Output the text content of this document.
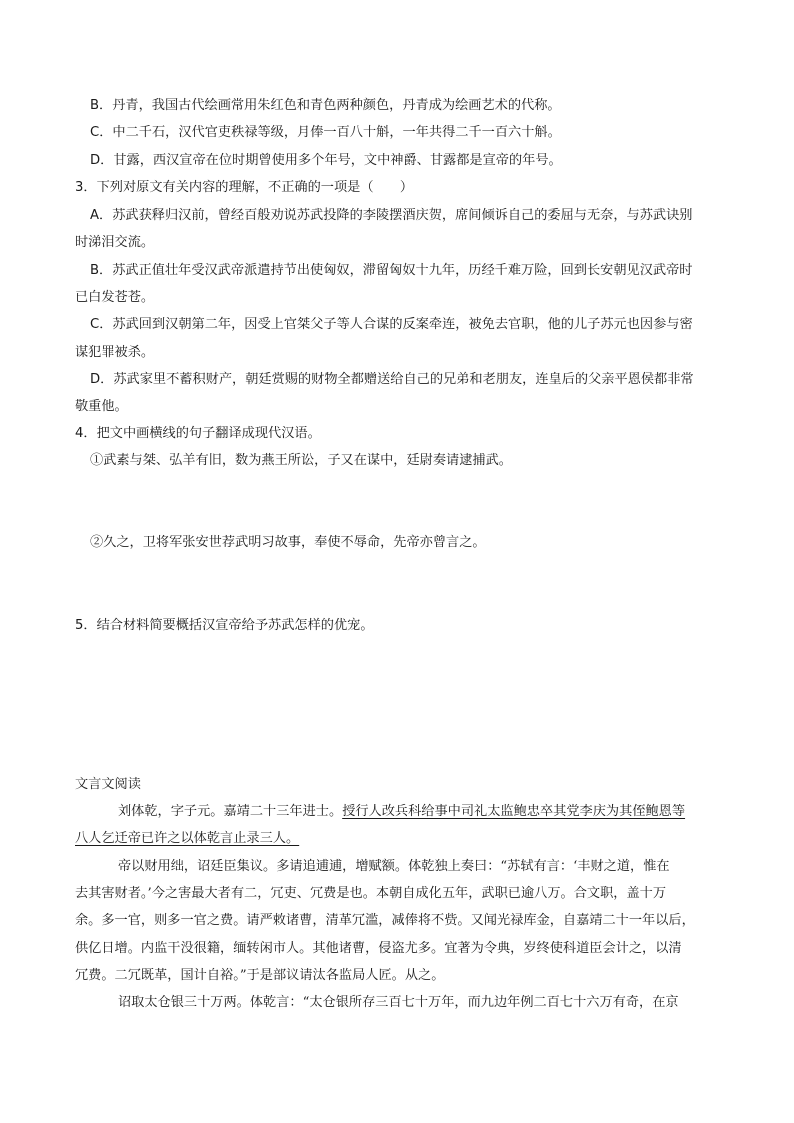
B．丹青，我国古代绘画常用朱红色和青色两种颜色，丹青成为绘画艺术的代称。
C．中二千石，汉代官吏秩禄等级，月俸一百八十斛，一年共得二千一百六十斛。
D．甘露，西汉宣帝在位时期曾使用多个年号，文中神爵、甘露都是宣帝的年号。
3．下列对原文有关内容的理解，不正确的一项是（　　）
A．苏武获释归汉前，曾经百般劝说苏武投降的李陵摆酒庆贺，席间倾诉自己的委屈与无奈，与苏武诀别
时涕泪交流。
B．苏武正值壮年受汉武帝派遣持节出使匈奴，滞留匈奴十九年，历经千难万险，回到长安朝见汉武帝时
已白发苍苍。
C．苏武回到汉朝第二年，因受上官桀父子等人合谋的反案牵连，被免去官职，他的儿子苏元也因参与密
谋犯罪被杀。
D．苏武家里不蓄积财产，朝廷赏赐的财物全都赠送给自己的兄弟和老朋友，连皇后的父亲平恩侯都非常
敬重他。
4．把文中画横线的句子翻译成现代汉语。
①武素与桀、弘羊有旧，数为燕王所讼，子又在谋中，廷尉奏请逮捕武。
②久之，卫将军张安世荐武明习故事，奉使不辱命，先帝亦曾言之。
5．结合材料简要概括汉宣帝给予苏武怎样的优宠。
文言文阅读
刘体乾，字子元。嘉靖二十三年进士。授行人改兵科给事中司礼太监鲍忠卒其党李庆为其侄鲍恩等
八人乞迁帝已许之以体乾言止录三人。
帝以财用绌，诏廷臣集议。多请追逋逋，增赋额。体乾独上奏曰：“苏轼有言：‘丰财之道，惟在
去其害财者。’今之害最大者有二，冗吏、冗费是也。本朝自成化五年，武职已逾八万。合文职，盖十万
余。多一官，则多一官之费。请严敕诸曹，清革冗滥，减俸将不赀。又闻光禄库金，自嘉靖二十一年以后，
供亿日增。内监干没很籍，缅转闲市人。其他诸曹，侵盗尤多。宜著为令典，岁终使科道臣会计之，以清
冗费。二冗既革，国计自裕。”于是部议请汰各监局人匠。从之。
诏取太仓银三十万两。体乾言：“太仓银所存三百七十万年，而九边年例二百七十六万有奇，在京
